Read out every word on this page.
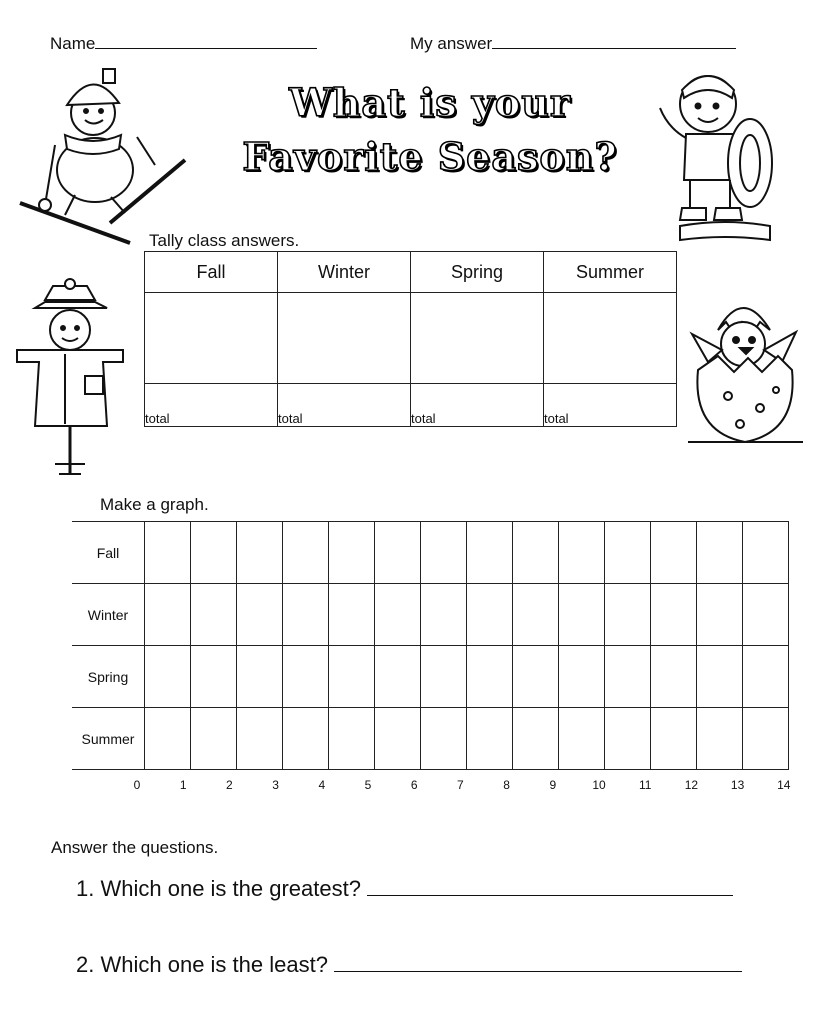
Name	My answer
What is your
Favorite Season?
Tally class answers.
Fall	Winter	Spring	Summer

total	total	total	total
Make a graph.
Fall														
Winter														
Spring														
Summer														
0	1	2	3	4	5	6	7	8	9	10	11	12	13	14
Answer the questions.
1. Which one is the greatest?
2. Which one is the least?
